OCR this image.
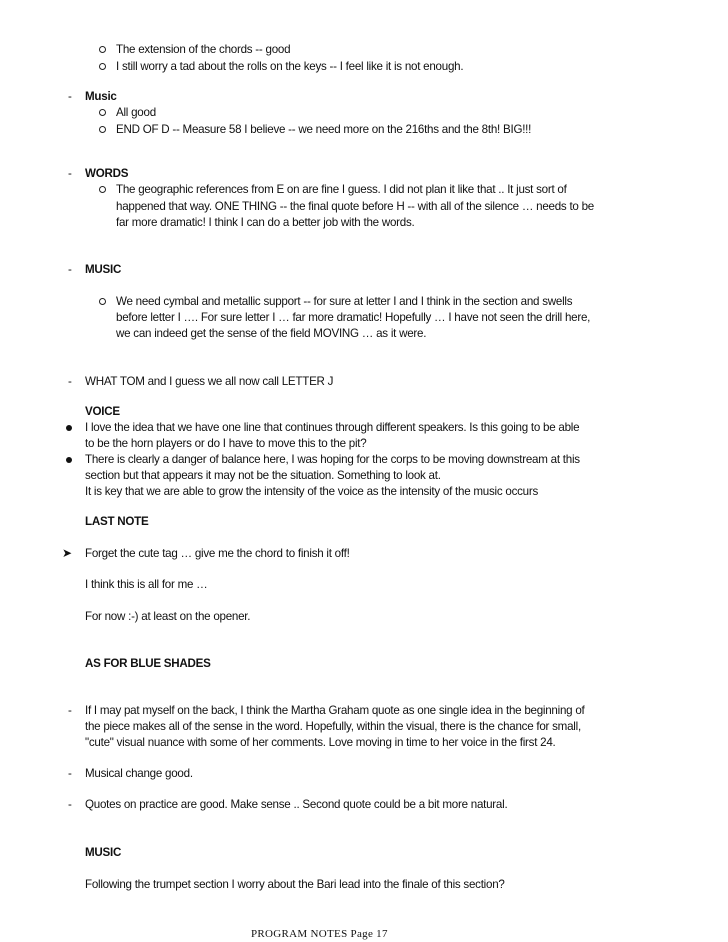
The extension of the chords -- good
I still worry a tad about the rolls on the keys -- I feel like it is not enough.
- Music
All good
END OF D -- Measure 58 I believe -- we need more on the 216ths and the 8th! BIG!!!
- WORDS
The geographic references from E on are fine I guess. I did not plan it like that .. It just sort of
happened that way. ONE THING -- the final quote before H -- with all of the silence … needs to be
far more dramatic! I think I can do a better job with the words.
- MUSIC
We need cymbal and metallic support -- for sure at letter I and I think in the section and swells
before letter I …. For sure letter I … far more dramatic! Hopefully … I have not seen the drill here,
we can indeed get the sense of the field MOVING … as it were.
- WHAT TOM and I guess we all now call LETTER J
VOICE
I love the idea that we have one line that continues through different speakers. Is this going to be able
to be the horn players or do I have to move this to the pit?
There is clearly a danger of balance here, I was hoping for the corps to be moving downstream at this
section but that appears it may not be the situation. Something to look at.
It is key that we are able to grow the intensity of the voice as the intensity of the music occurs
LAST NOTE
➤ Forget the cute tag … give me the chord to finish it off!
I think this is all for me …
For now :-) at least on the opener.
AS FOR BLUE SHADES
- If I may pat myself on the back, I think the Martha Graham quote as one single idea in the beginning of
the piece makes all of the sense in the word. Hopefully, within the visual, there is the chance for small,
"cute" visual nuance with some of her comments. Love moving in time to her voice in the first 24.
- Musical change good.
- Quotes on practice are good. Make sense .. Second quote could be a bit more natural.
MUSIC
Following the trumpet section I worry about the Bari lead into the finale of this section?
PROGRAM NOTES Page 17
